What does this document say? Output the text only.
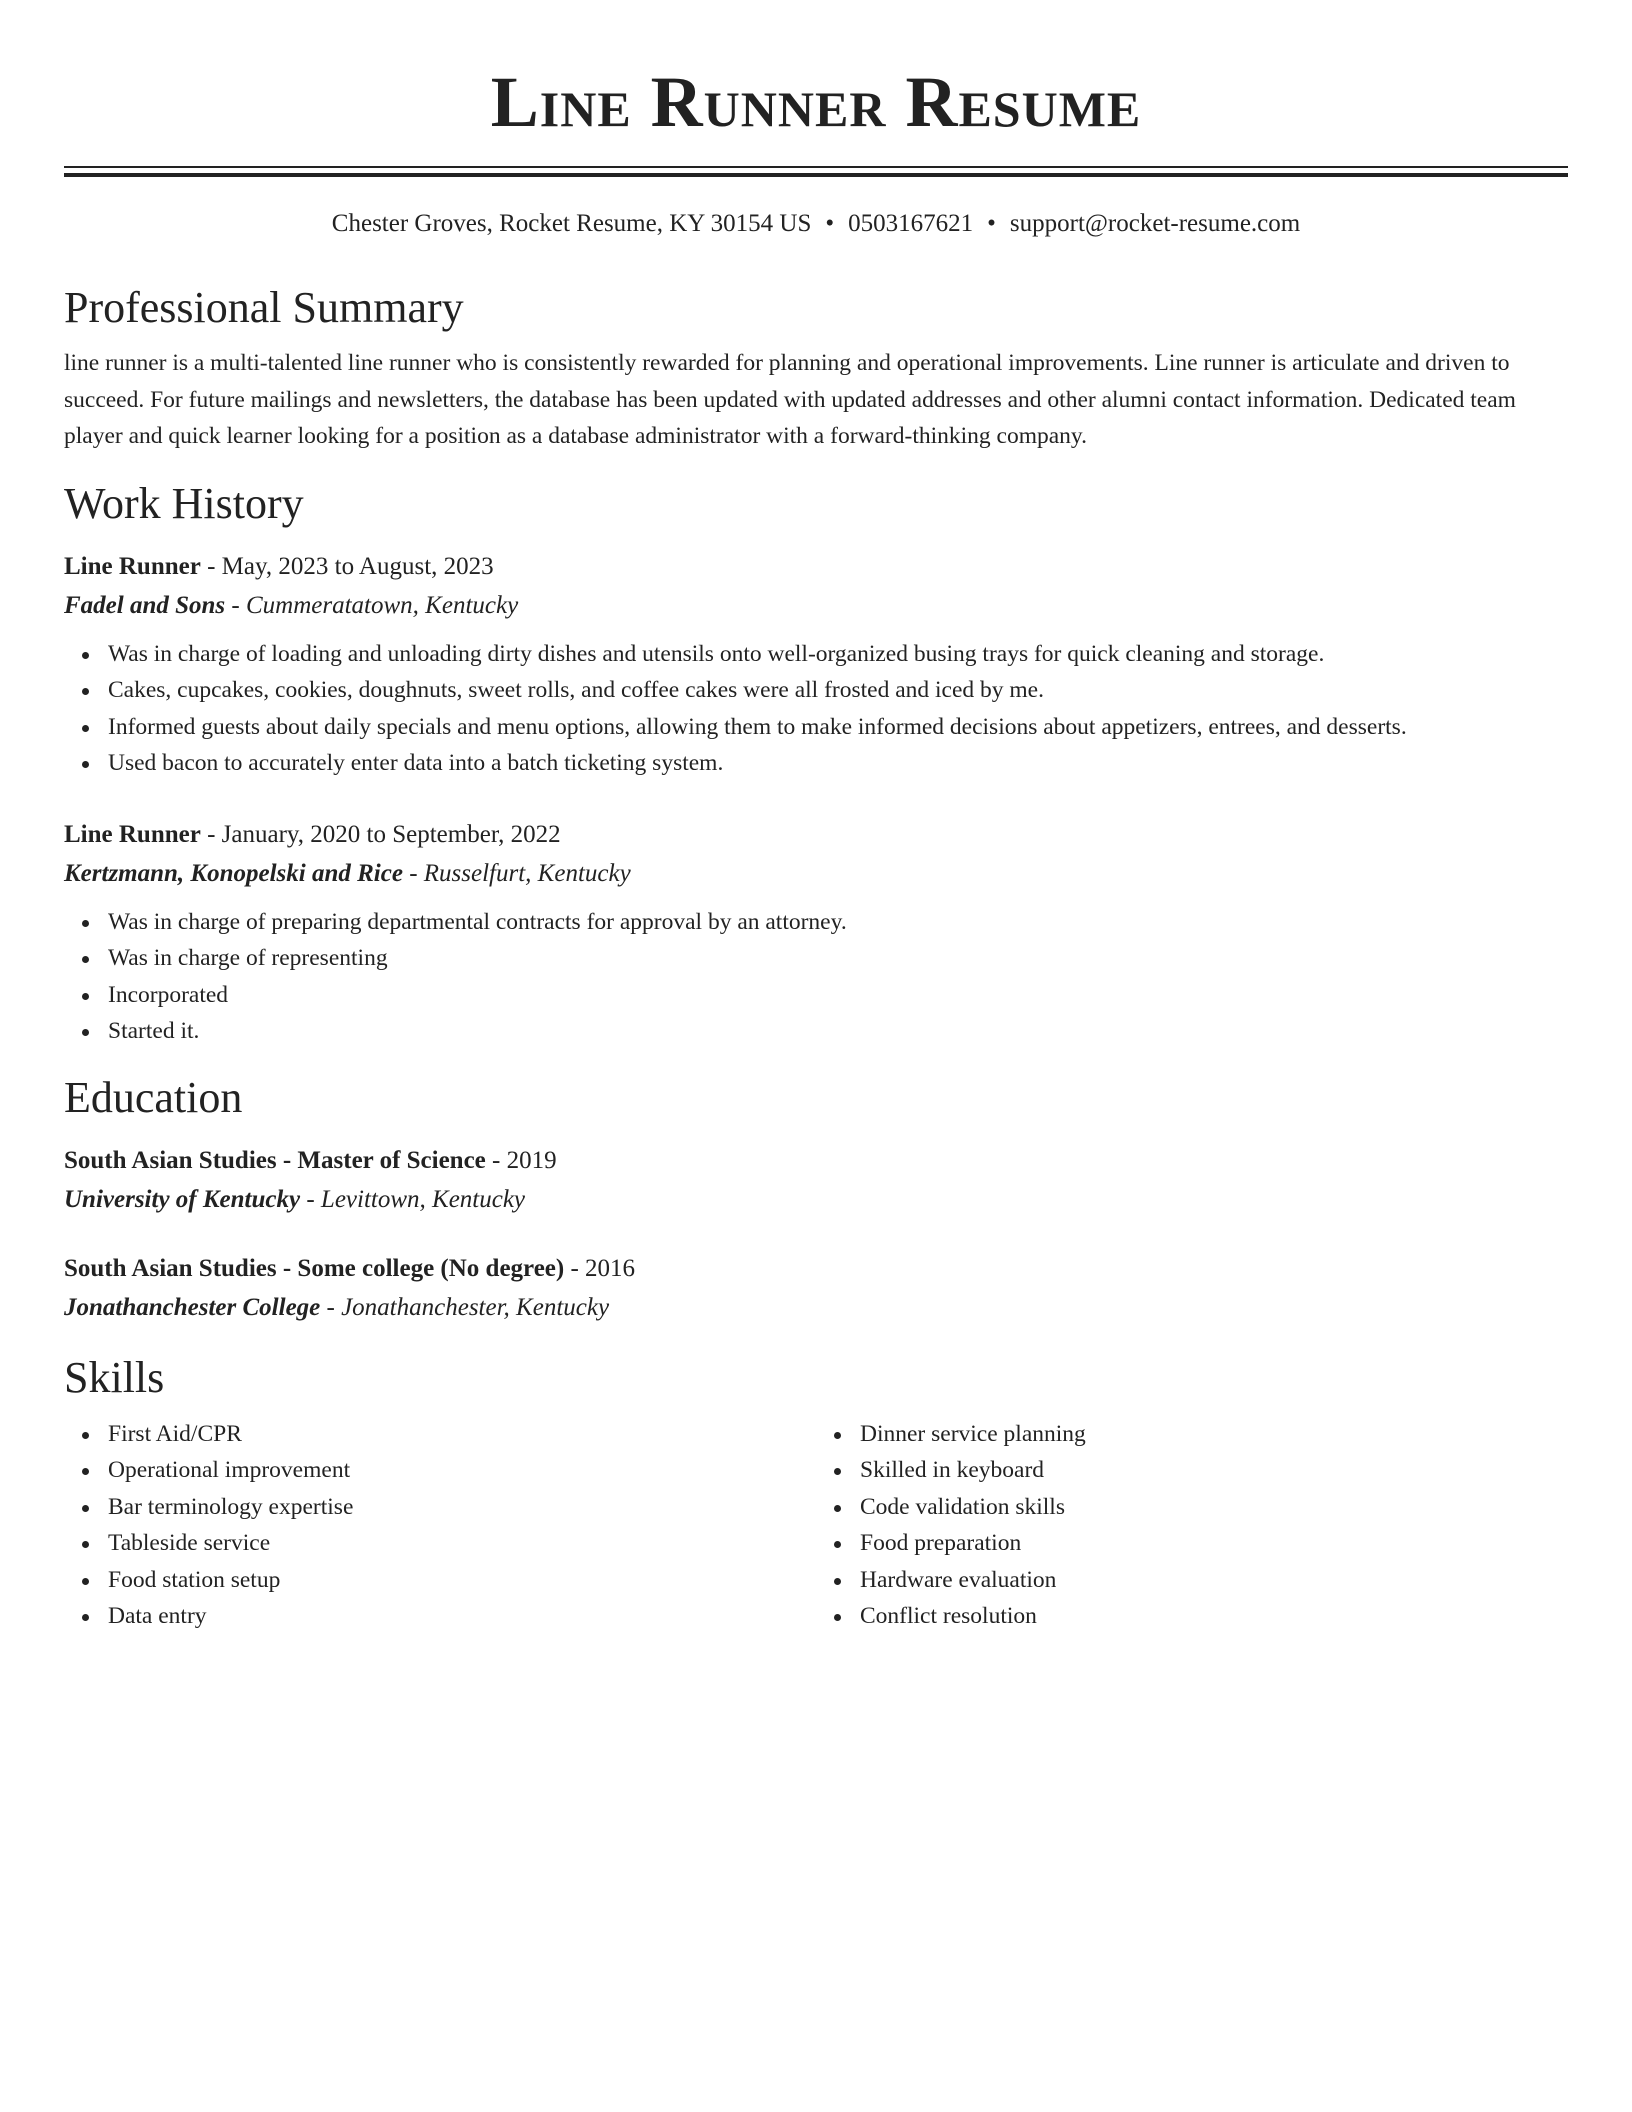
Line Runner Resume
Chester Groves, Rocket Resume, KY 30154 US • 0503167621 • support@rocket-resume.com
Professional Summary
line runner is a multi-talented line runner who is consistently rewarded for planning and operational improvements. Line runner is articulate and driven to succeed. For future mailings and newsletters, the database has been updated with updated addresses and other alumni contact information. Dedicated team player and quick learner looking for a position as a database administrator with a forward-thinking company.
Work History
Line Runner - May, 2023 to August, 2023
Fadel and Sons - Cummeratatown, Kentucky
Was in charge of loading and unloading dirty dishes and utensils onto well-organized busing trays for quick cleaning and storage.
Cakes, cupcakes, cookies, doughnuts, sweet rolls, and coffee cakes were all frosted and iced by me.
Informed guests about daily specials and menu options, allowing them to make informed decisions about appetizers, entrees, and desserts.
Used bacon to accurately enter data into a batch ticketing system.
Line Runner - January, 2020 to September, 2022
Kertzmann, Konopelski and Rice - Russelfurt, Kentucky
Was in charge of preparing departmental contracts for approval by an attorney.
Was in charge of representing
Incorporated
Started it.
Education
South Asian Studies - Master of Science - 2019
University of Kentucky - Levittown, Kentucky
South Asian Studies - Some college (No degree) - 2016
Jonathanchester College - Jonathanchester, Kentucky
Skills
First Aid/CPR
Operational improvement
Bar terminology expertise
Tableside service
Food station setup
Data entry
Dinner service planning
Skilled in keyboard
Code validation skills
Food preparation
Hardware evaluation
Conflict resolution
